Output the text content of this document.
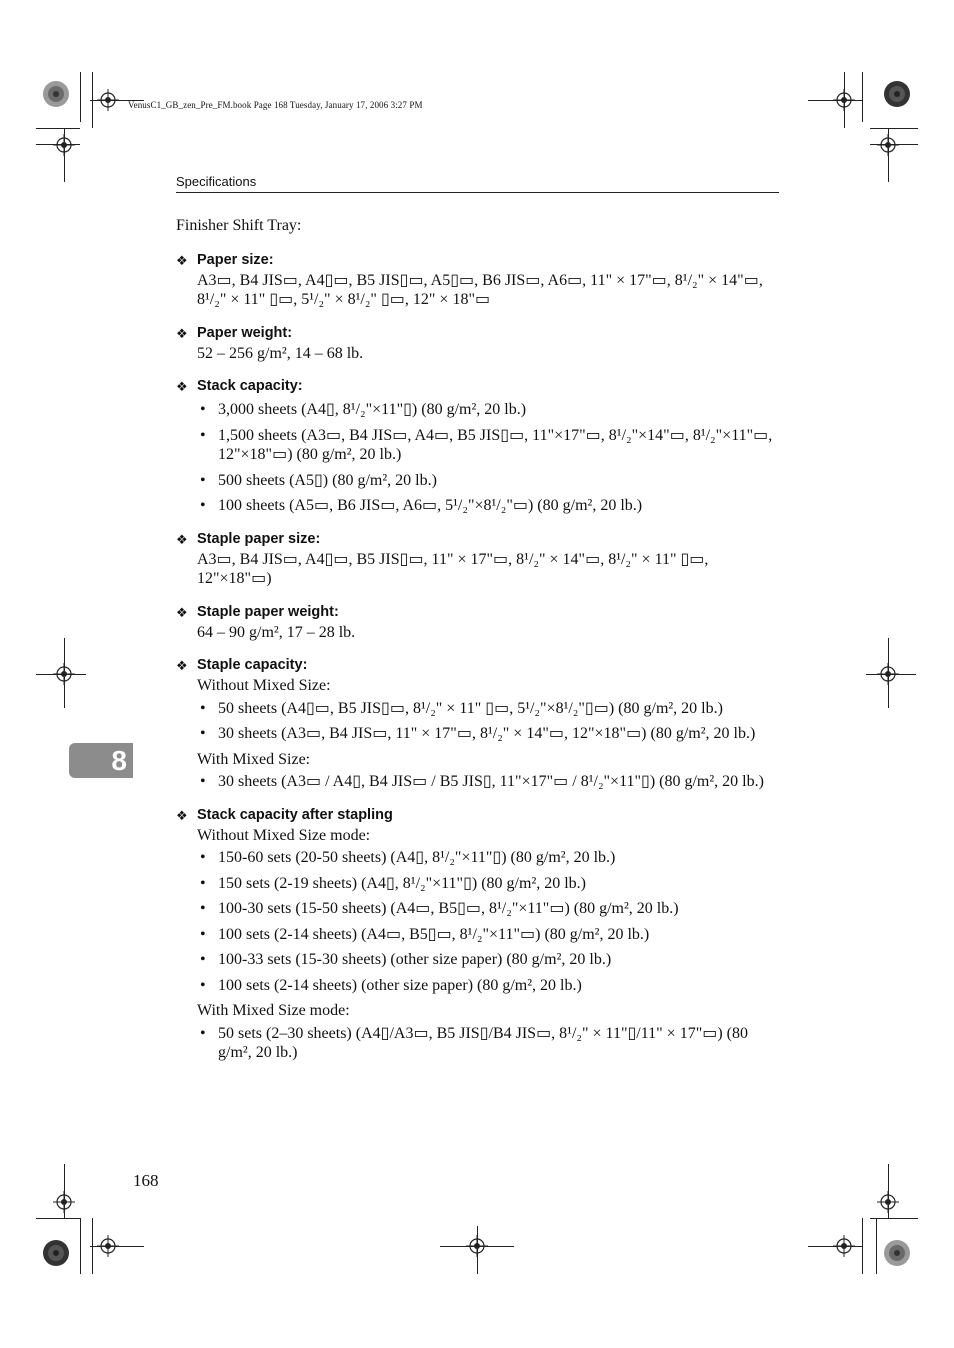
VenusC1_GB_zen_Pre_FM.book Page 168 Tuesday, January 17, 2006 3:27 PM
Specifications
Finisher Shift Tray:
❖ Paper size:
A3▭, B4 JIS▭, A4▯▭, B5 JIS▯▭, A5▯▭, B6 JIS▭, A6▭, 11" × 17"▭, 8¹/₂" × 14"▭, 8¹/₂" × 11" ▯▭, 5¹/₂" × 8¹/₂" ▯▭, 12" × 18"▭
❖ Paper weight:
52 – 256 g/m², 14 – 68 lb.
❖ Stack capacity:
• 3,000 sheets (A4▯, 8¹/₂"×11"▯) (80 g/m², 20 lb.)
• 1,500 sheets (A3▭, B4 JIS▭, A4▭, B5 JIS▯▭, 11"×17"▭, 8¹/₂"×14"▭, 8¹/₂"×11"▭, 12"×18"▭) (80 g/m², 20 lb.)
• 500 sheets (A5▯) (80 g/m², 20 lb.)
• 100 sheets (A5▭, B6 JIS▭, A6▭, 5¹/₂"×8¹/₂"▭) (80 g/m², 20 lb.)
❖ Staple paper size:
A3▭, B4 JIS▭, A4▯▭, B5 JIS▯▭, 11" × 17"▭, 8¹/₂" × 14"▭, 8¹/₂" × 11" ▯▭, 12"×18"▭)
❖ Staple paper weight:
64 – 90 g/m², 17 – 28 lb.
❖ Staple capacity:
Without Mixed Size:
• 50 sheets (A4▯▭, B5 JIS▯▭, 8¹/₂" × 11" ▯▭, 5¹/₂"×8¹/₂"▯▭) (80 g/m², 20 lb.)
• 30 sheets (A3▭, B4 JIS▭, 11" × 17"▭, 8¹/₂" × 14"▭, 12"×18"▭) (80 g/m², 20 lb.)
With Mixed Size:
• 30 sheets (A3▭ / A4▯, B4 JIS▭ / B5 JIS▯, 11"×17"▭ / 8¹/₂"×11"▯) (80 g/m², 20 lb.)
❖ Stack capacity after stapling
Without Mixed Size mode:
• 150-60 sets (20-50 sheets) (A4▯, 8¹/₂"×11"▯) (80 g/m², 20 lb.)
• 150 sets (2-19 sheets) (A4▯, 8¹/₂"×11"▯) (80 g/m², 20 lb.)
• 100-30 sets (15-50 sheets) (A4▭, B5▯▭, 8¹/₂"×11"▭) (80 g/m², 20 lb.)
• 100 sets (2-14 sheets) (A4▭, B5▯▭, 8¹/₂"×11"▭) (80 g/m², 20 lb.)
• 100-33 sets (15-30 sheets) (other size paper) (80 g/m², 20 lb.)
• 100 sets (2-14 sheets) (other size paper) (80 g/m², 20 lb.)
With Mixed Size mode:
• 50 sets (2–30 sheets) (A4▯/A3▭, B5 JIS▯/B4 JIS▭, 8¹/₂" × 11"▯/11" × 17"▭) (80 g/m², 20 lb.)
8
168
